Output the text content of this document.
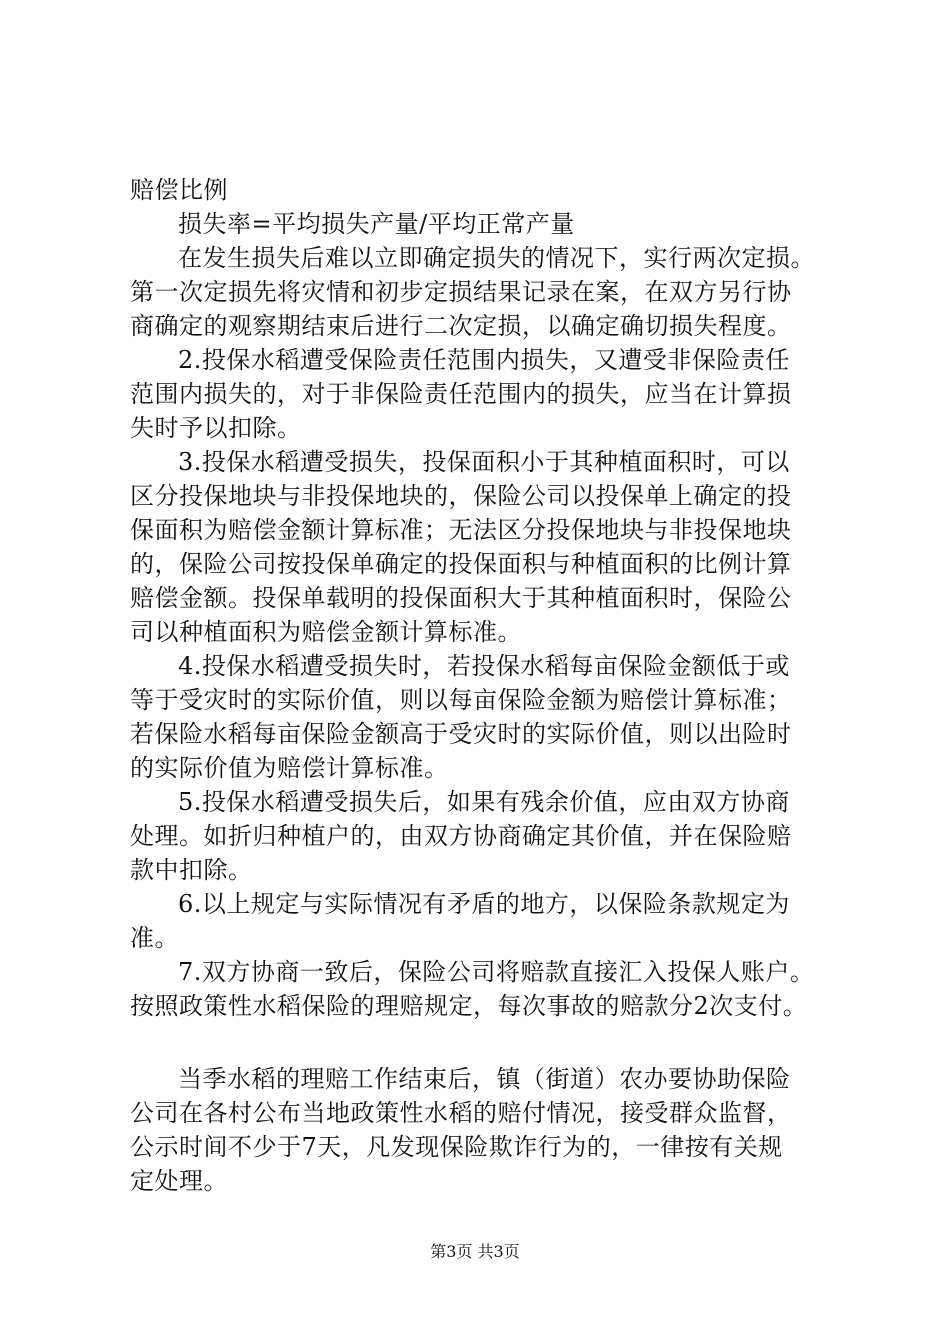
赔偿比例
损失率=平均损失产量/平均正常产量
在发生损失后难以立即确定损失的情况下，实行两次定损。
第一次定损先将灾情和初步定损结果记录在案，在双方另行协
商确定的观察期结束后进行二次定损，以确定确切损失程度。
2.投保水稻遭受保险责任范围内损失，又遭受非保险责任
范围内损失的，对于非保险责任范围内的损失，应当在计算损
失时予以扣除。
3.投保水稻遭受损失，投保面积小于其种植面积时，可以
区分投保地块与非投保地块的，保险公司以投保单上确定的投
保面积为赔偿金额计算标准；无法区分投保地块与非投保地块
的，保险公司按投保单确定的投保面积与种植面积的比例计算
赔偿金额。投保单载明的投保面积大于其种植面积时，保险公
司以种植面积为赔偿金额计算标准。
4.投保水稻遭受损失时，若投保水稻每亩保险金额低于或
等于受灾时的实际价值，则以每亩保险金额为赔偿计算标准；
若保险水稻每亩保险金额高于受灾时的实际价值，则以出险时
的实际价值为赔偿计算标准。
5.投保水稻遭受损失后，如果有残余价值，应由双方协商
处理。如折归种植户的，由双方协商确定其价值，并在保险赔
款中扣除。
6.以上规定与实际情况有矛盾的地方，以保险条款规定为
准。
7.双方协商一致后，保险公司将赔款直接汇入投保人账户。
按照政策性水稻保险的理赔规定，每次事故的赔款分2次支付。
当季水稻的理赔工作结束后，镇（街道）农办要协助保险
公司在各村公布当地政策性水稻的赔付情况，接受群众监督，
公示时间不少于7天，凡发现保险欺诈行为的，一律按有关规
定处理。
第3页 共3页
